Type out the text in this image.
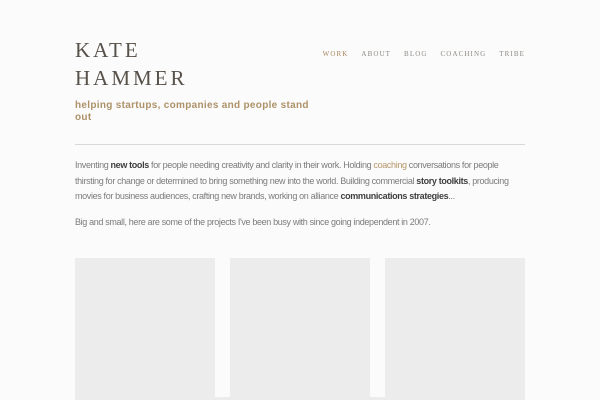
KATE
HAMMER
WORK ABOUT BLOG COACHING TRIBE
helping startups, companies and people stand
out

Inventing new tools for people needing creativity and clarity in their work. Holding coaching conversations for people
thirsting for change or determined to bring something new into the world. Building commercial story toolkits, producing
movies for business audiences, crafting new brands, working on alliance communications strategies...

Big and small, here are some of the projects I've been busy with since going independent in 2007.
